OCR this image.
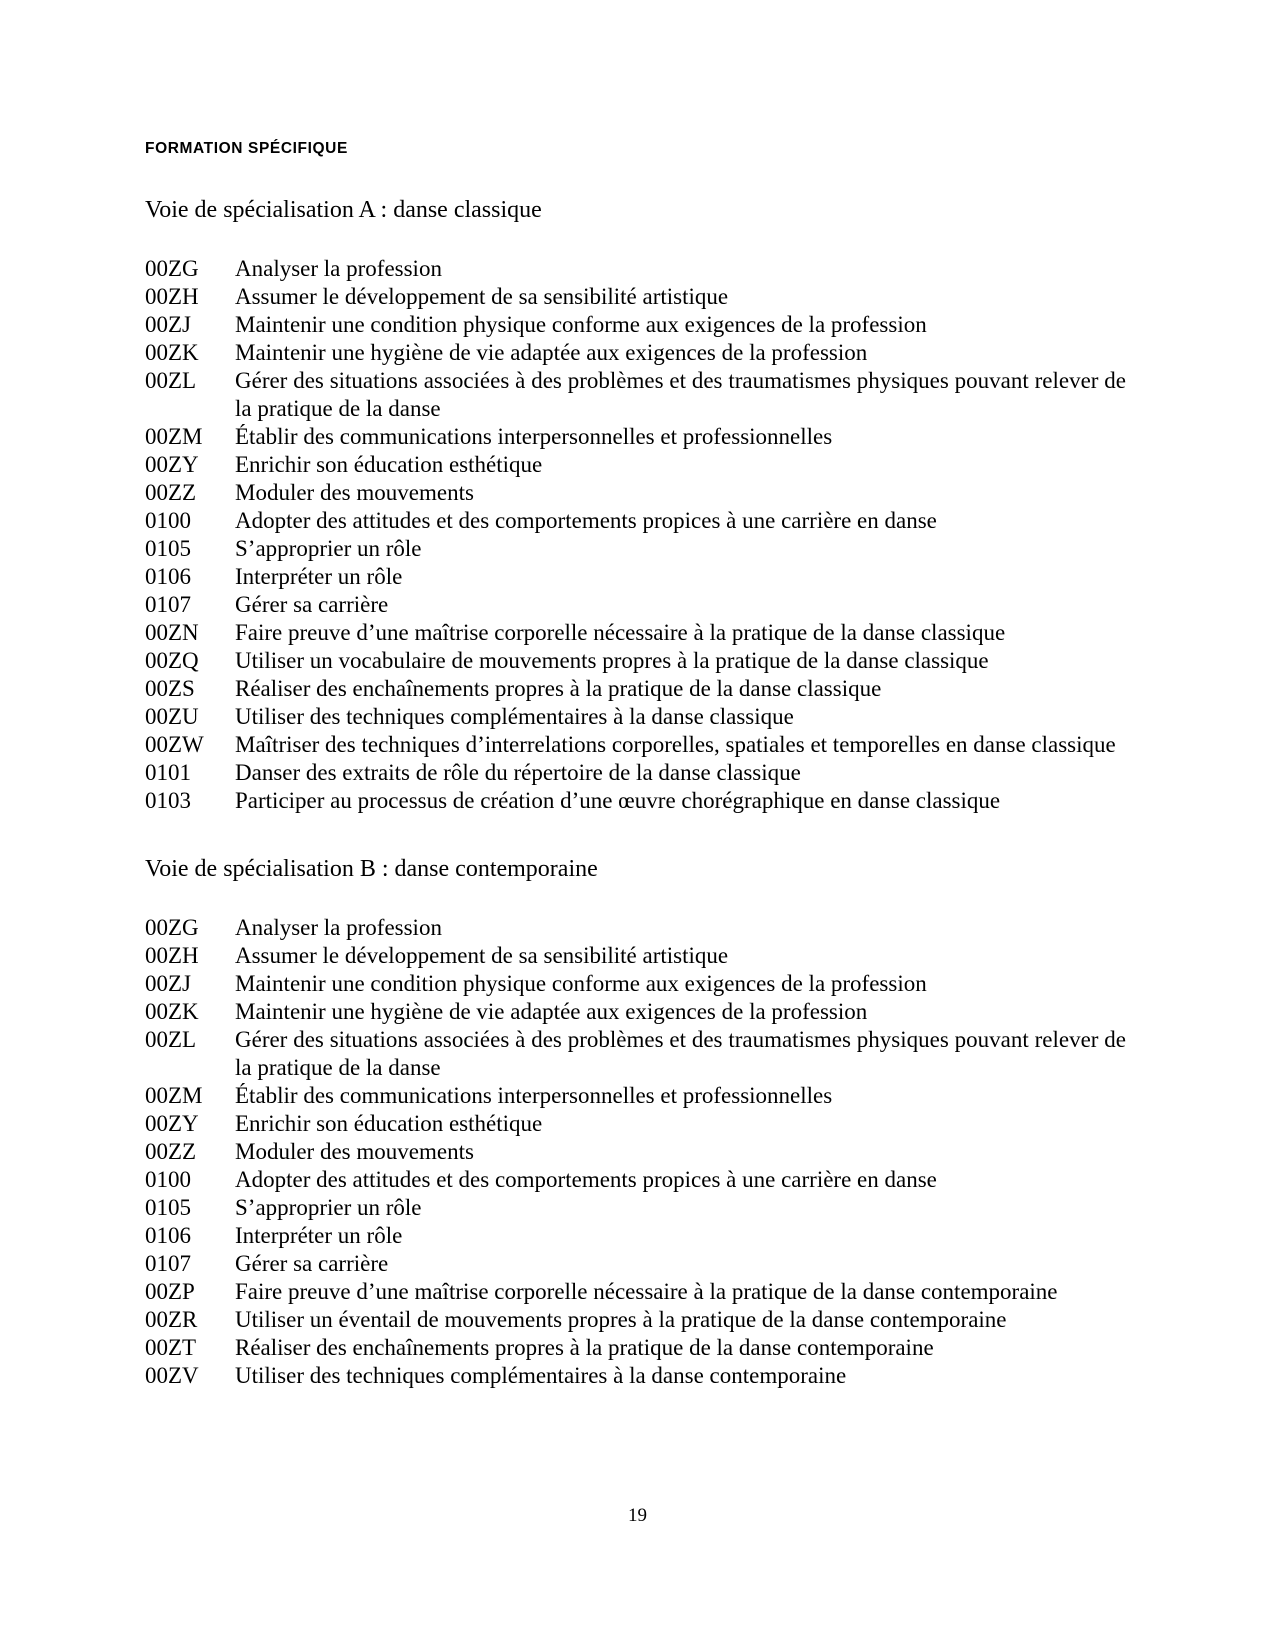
FORMATION SPÉCIFIQUE

Voie de spécialisation A : danse classique

00ZG	Analyser la profession
00ZH	Assumer le développement de sa sensibilité artistique
00ZJ	Maintenir une condition physique conforme aux exigences de la profession
00ZK	Maintenir une hygiène de vie adaptée aux exigences de la profession
00ZL	Gérer des situations associées à des problèmes et des traumatismes physiques pouvant relever de la pratique de la danse
00ZM	Établir des communications interpersonnelles et professionnelles
00ZY	Enrichir son éducation esthétique
00ZZ	Moduler des mouvements
0100	Adopter des attitudes et des comportements propices à une carrière en danse
0105	S’approprier un rôle
0106	Interpréter un rôle
0107	Gérer sa carrière
00ZN	Faire preuve d’une maîtrise corporelle nécessaire à la pratique de la danse classique
00ZQ	Utiliser un vocabulaire de mouvements propres à la pratique de la danse classique
00ZS	Réaliser des enchaînements propres à la pratique de la danse classique
00ZU	Utiliser des techniques complémentaires à la danse classique
00ZW	Maîtriser des techniques d’interrelations corporelles, spatiales et temporelles en danse classique
0101	Danser des extraits de rôle du répertoire de la danse classique
0103	Participer au processus de création d’une œuvre chorégraphique en danse classique

Voie de spécialisation B : danse contemporaine

00ZG	Analyser la profession
00ZH	Assumer le développement de sa sensibilité artistique
00ZJ	Maintenir une condition physique conforme aux exigences de la profession
00ZK	Maintenir une hygiène de vie adaptée aux exigences de la profession
00ZL	Gérer des situations associées à des problèmes et des traumatismes physiques pouvant relever de la pratique de la danse
00ZM	Établir des communications interpersonnelles et professionnelles
00ZY	Enrichir son éducation esthétique
00ZZ	Moduler des mouvements
0100	Adopter des attitudes et des comportements propices à une carrière en danse
0105	S’approprier un rôle
0106	Interpréter un rôle
0107	Gérer sa carrière
00ZP	Faire preuve d’une maîtrise corporelle nécessaire à la pratique de la danse contemporaine
00ZR	Utiliser un éventail de mouvements propres à la pratique de la danse contemporaine
00ZT	Réaliser des enchaînements propres à la pratique de la danse contemporaine
00ZV	Utiliser des techniques complémentaires à la danse contemporaine
19
